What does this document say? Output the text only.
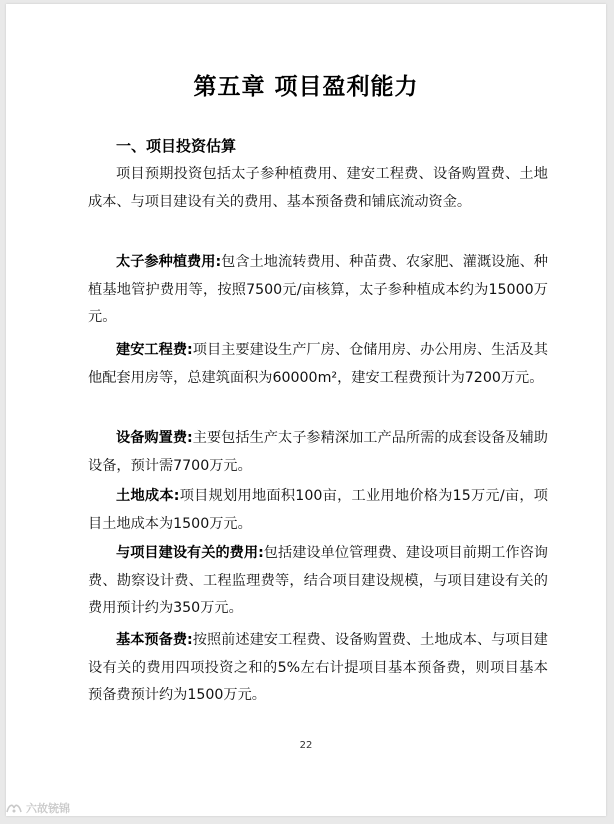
第五章 项目盈利能力
一、项目投资估算
项目预期投资包括太子参种植费用、建安工程费、设备购置费、土地成本、与项目建设有关的费用、基本预备费和铺底流动资金。
太子参种植费用:包含土地流转费用、种苗费、农家肥、灌溉设施、种植基地管护费用等，按照7500元/亩核算，太子参种植成本约为15000万元。
建安工程费:项目主要建设生产厂房、仓储用房、办公用房、生活及其他配套用房等，总建筑面积为60000m²，建安工程费预计为7200万元。
设备购置费:主要包括生产太子参精深加工产品所需的成套设备及辅助设备，预计需7700万元。
土地成本:项目规划用地面积100亩，工业用地价格为15万元/亩，项目土地成本为1500万元。
与项目建设有关的费用:包括建设单位管理费、建设项目前期工作咨询费、勘察设计费、工程监理费等，结合项目建设规模，与项目建设有关的费用预计约为350万元。
基本预备费:按照前述建安工程费、设备购置费、土地成本、与项目建设有关的费用四项投资之和的5%左右计提项目基本预备费，则项目基本预备费预计约为1500万元。
22
六故铳锦
